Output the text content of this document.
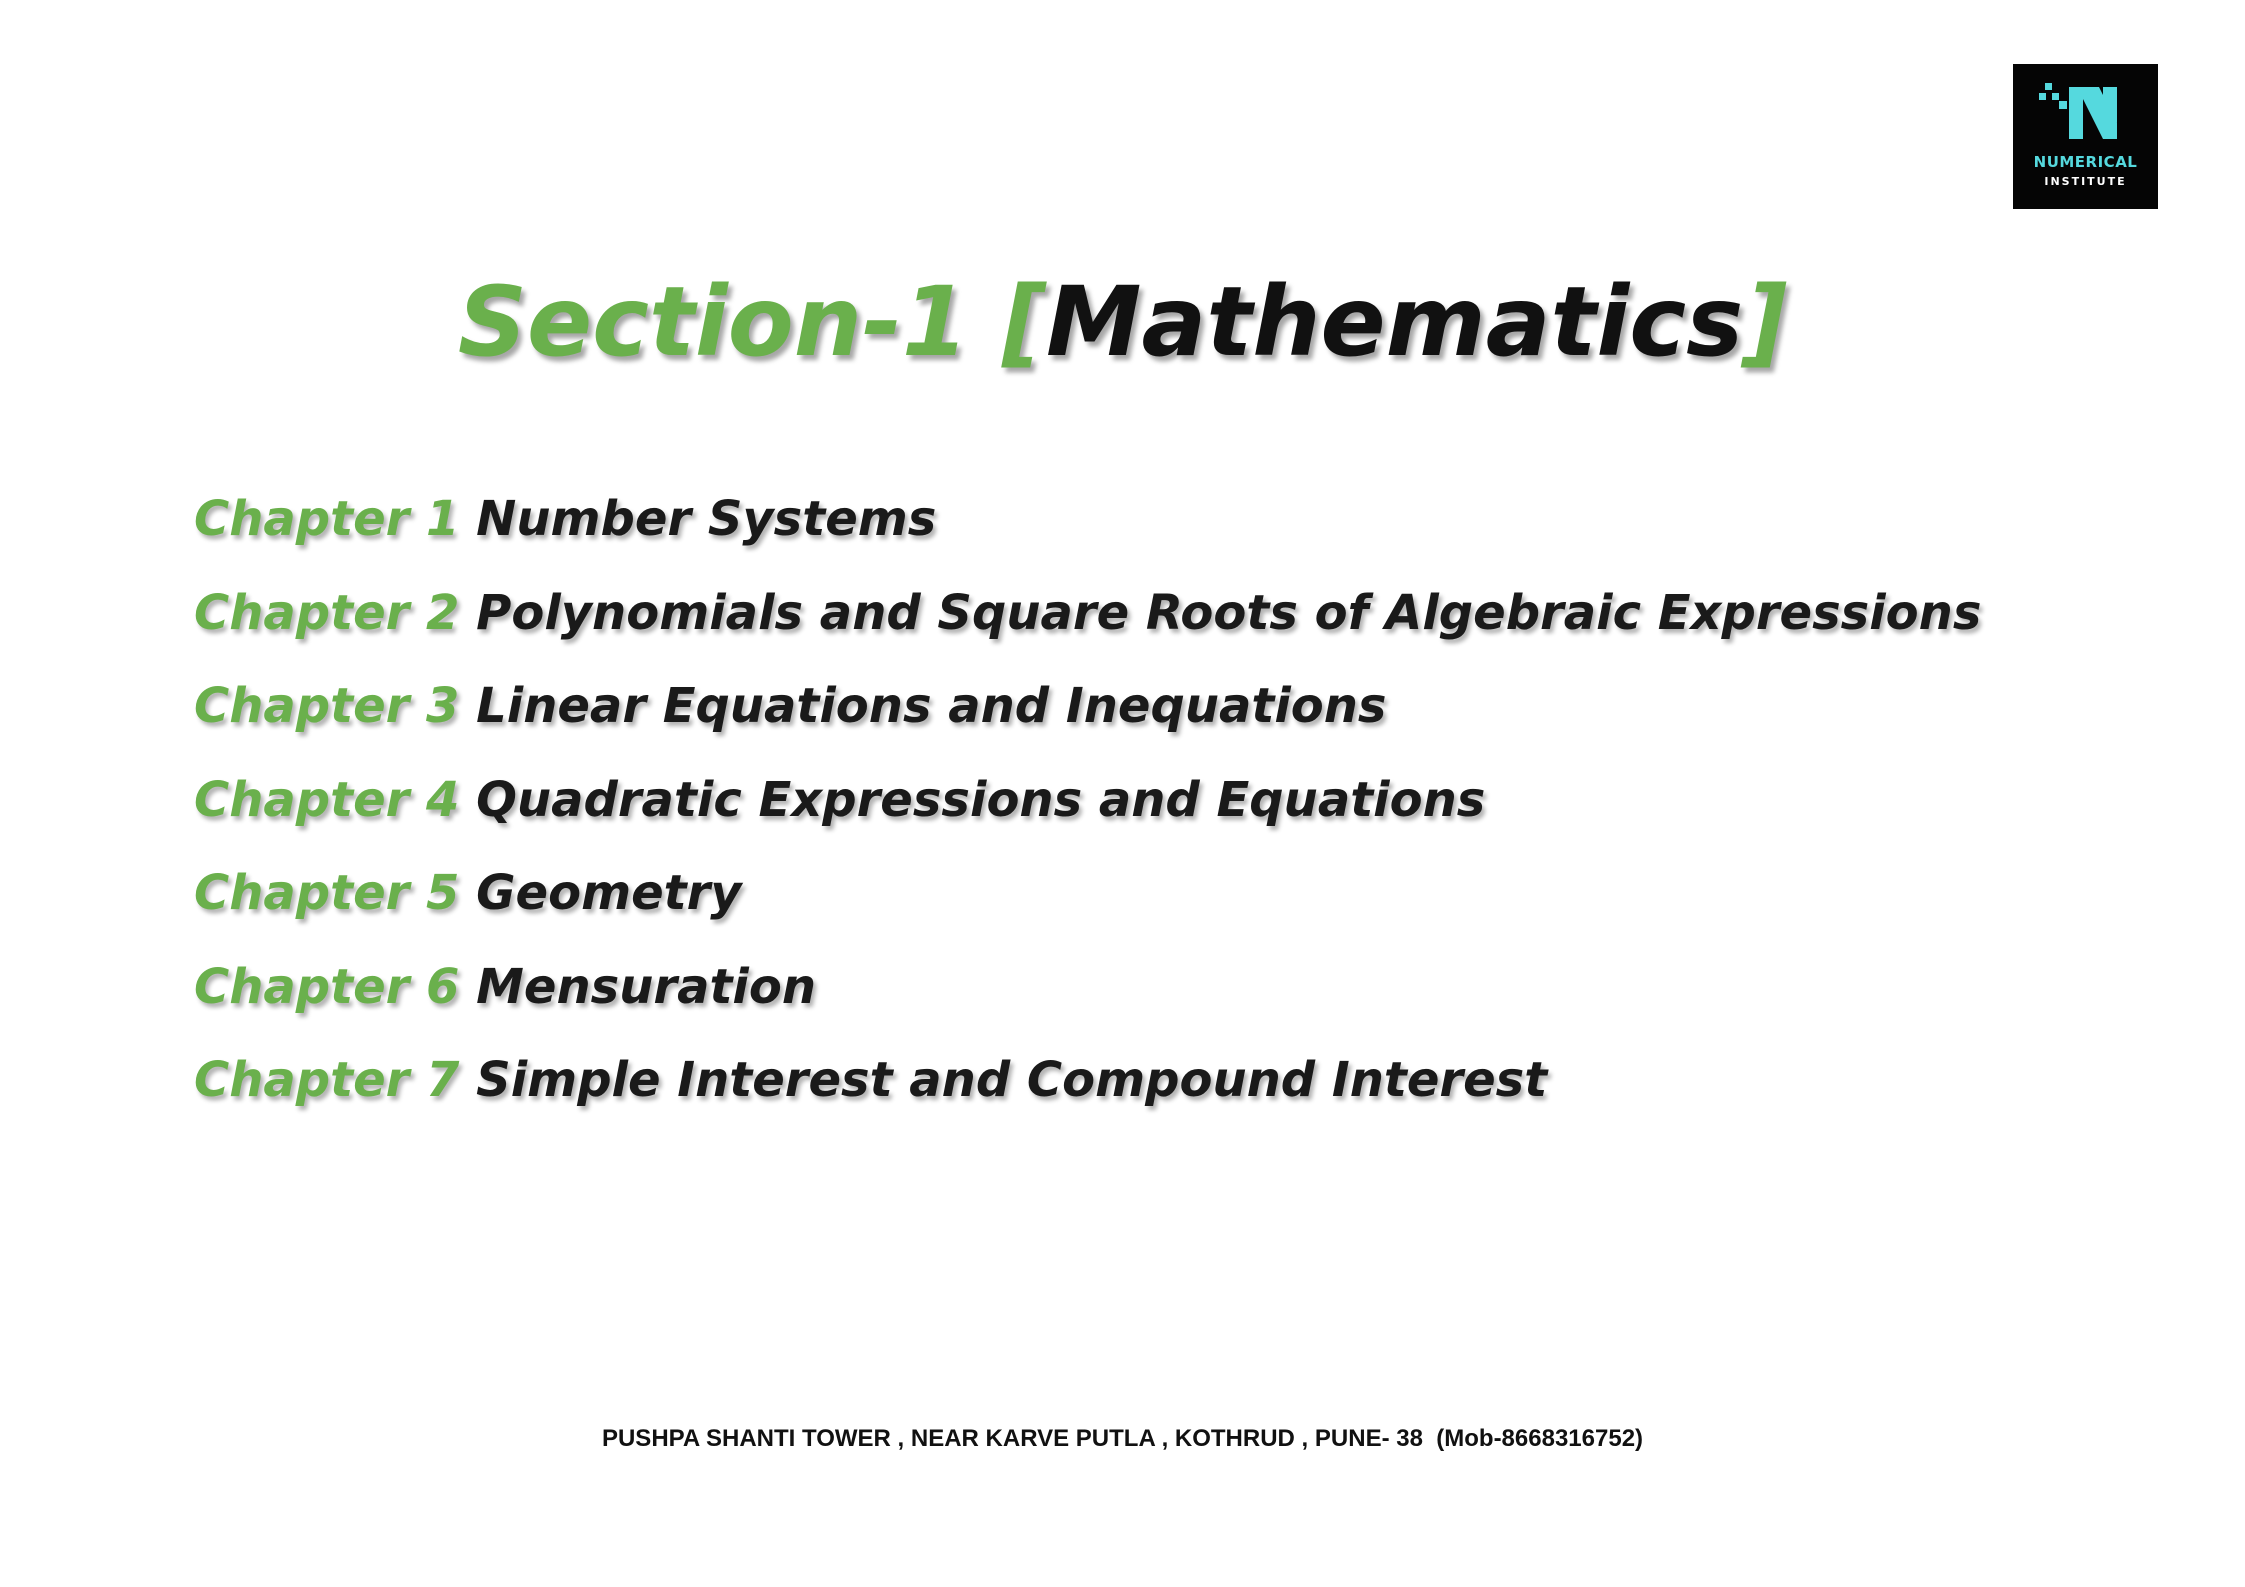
NUMERICAL
INSTITUTE
Section-1 [Mathematics]
Chapter 1 Number Systems
Chapter 2 Polynomials and Square Roots of Algebraic Expressions
Chapter 3 Linear Equations and Inequations
Chapter 4 Quadratic Expressions and Equations
Chapter 5 Geometry
Chapter 6 Mensuration
Chapter 7 Simple Interest and Compound Interest
PUSHPA SHANTI TOWER , NEAR KARVE PUTLA , KOTHRUD , PUNE- 38  (Mob-8668316752)
